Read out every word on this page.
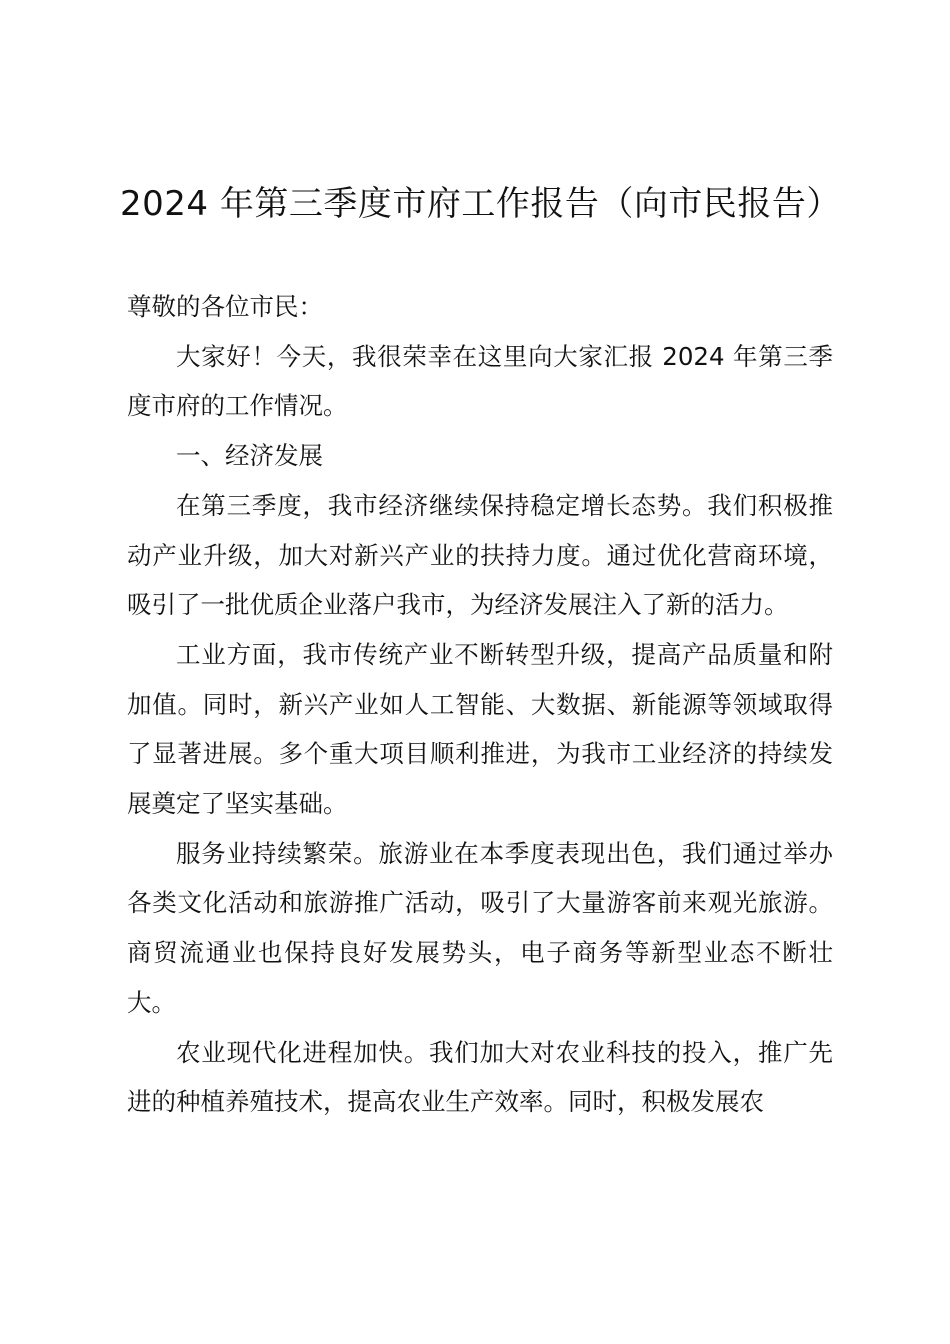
2024 年第三季度市府工作报告（向市民报告）

尊敬的各位市民：

大家好！今天，我很荣幸在这里向大家汇报 2024 年第三季度市府的工作情况。

一、经济发展

在第三季度，我市经济继续保持稳定增长态势。我们积极推动产业升级，加大对新兴产业的扶持力度。通过优化营商环境，吸引了一批优质企业落户我市，为经济发展注入了新的活力。

工业方面，我市传统产业不断转型升级，提高产品质量和附加值。同时，新兴产业如人工智能、大数据、新能源等领域取得了显著进展。多个重大项目顺利推进，为我市工业经济的持续发展奠定了坚实基础。

服务业持续繁荣。旅游业在本季度表现出色，我们通过举办各类文化活动和旅游推广活动，吸引了大量游客前来观光旅游。商贸流通业也保持良好发展势头，电子商务等新型业态不断壮大。

农业现代化进程加快。我们加大对农业科技的投入，推广先进的种植养殖技术，提高农业生产效率。同时，积极发展农
